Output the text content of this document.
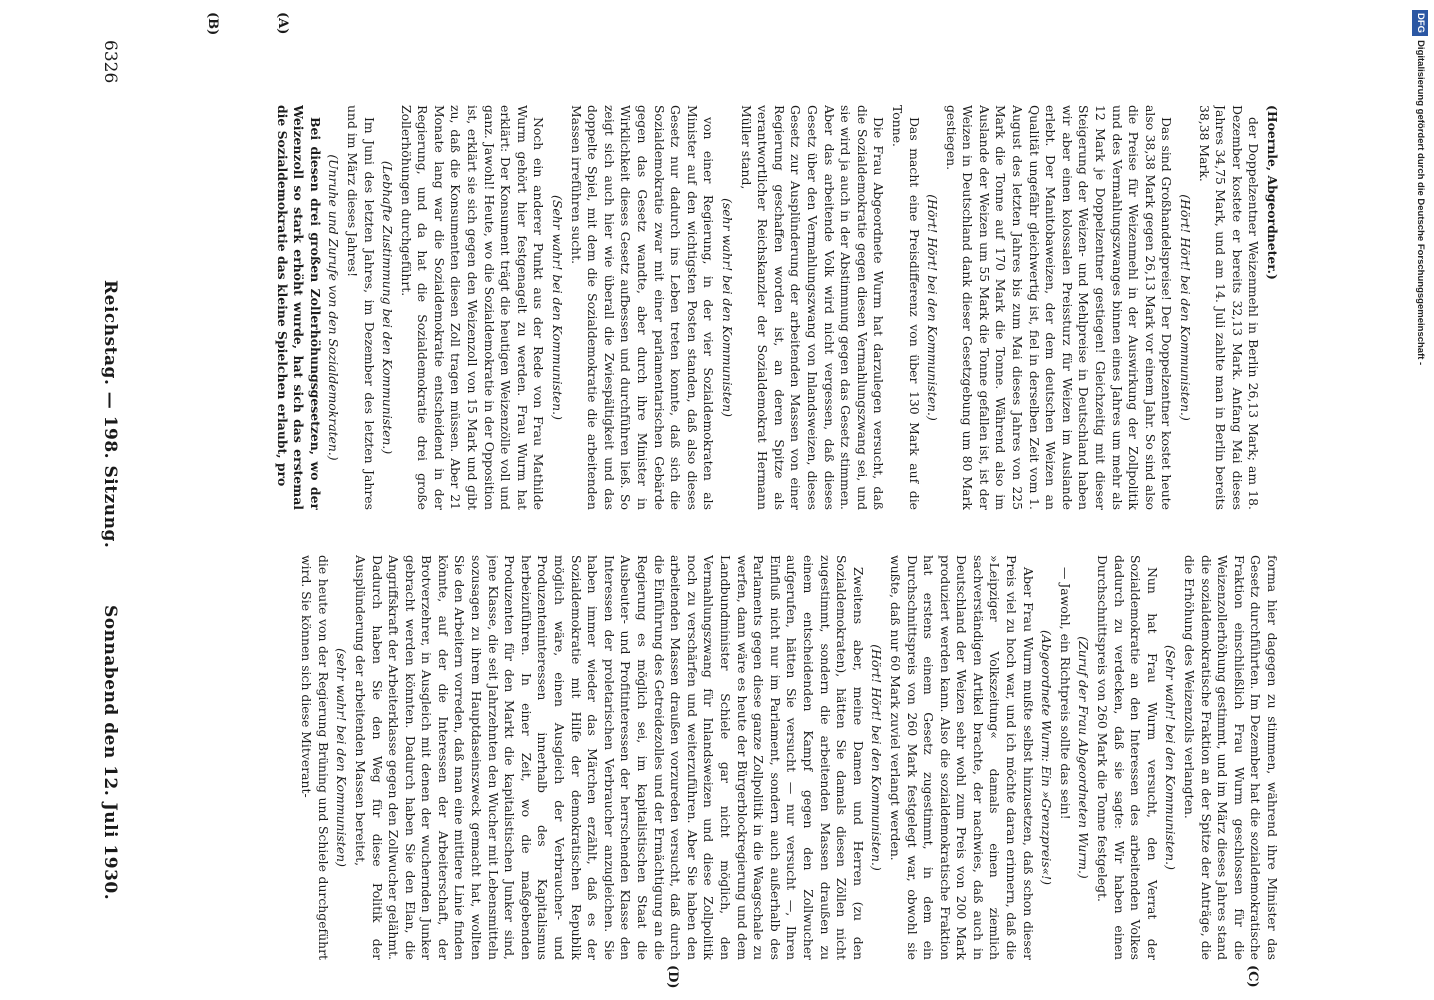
(Hoernle, Abgeordneter.)

der Doppelzentner Weizenmehl in Berlin 26,13 Mark; am 18. Dezember kostete er bereits 32,13 Mark. Anfang Mai dieses Jahres 34,75 Mark, und am 14. Juli zahlte man in Berlin bereits 38,38 Mark.

(Hört! Hört! bei den Kommunisten.)

Das sind Großhandelspreise! Der Doppelzentner kostet heute also 38,38 Mark gegen 26,13 Mark vor einem Jahr. So sind also die Preise für Weizenmehl in der Auswirkung der Zollpolitik und des Vermahlungszwanges binnen eines Jahres um mehr als 12 Mark je Doppelzentner gestiegen! Gleichzeitig mit dieser Steigerung der Weizen- und Mehlpreise in Deutschland haben wir aber einen kolossalen Preissturz für Weizen im Auslande erlebt. Der Manitobaweizen, der dem deutschen Weizen an Qualität ungefähr gleichwertig ist, fiel in derselben Zeit vom 1. August des letzten Jahres bis zum Mai dieses Jahres von 225 Mark die Tonne auf 170 Mark die Tonne. Während also im Auslande der Weizen um 55 Mark die Tonne gefallen ist, ist der Weizen in Deutschland dank dieser Gesetzgebung um 80 Mark gestiegen.

(Hört! Hört! bei den Kommunisten.)

Das macht eine Preisdifferenz von über 130 Mark auf die Tonne.

Die Frau Abgeordnete Wurm hat darzulegen versucht, daß die Sozialdemokratie gegen diesen Vermahlungszwang sei, und sie wird ja auch in der Abstimmung gegen das Gesetz stimmen. Aber das arbeitende Volk wird nicht vergessen, daß dieses Gesetz über den Vermahlungszwang von Inlandsweizen, dieses Gesetz zur Ausplünderung der arbeitenden Massen von einer Regierung geschaffen worden ist, an deren Spitze als verantwortlicher Reichskanzler der Sozialdemokrat Hermann Müller stand,

(sehr wahr! bei den Kommunisten)

von einer Regierung, in der vier Sozialdemokraten als Minister auf den wichtigsten Posten standen, daß also dieses Gesetz nur dadurch ins Leben treten konnte, daß sich die Sozialdemokratie zwar mit einer parlamentarischen Gebärde gegen das Gesetz wandte, aber durch ihre Minister in Wirklichkeit dieses Gesetz aufbessen und durchführen ließ. So zeigt sich auch hier wie überall die Zwiespältigkeit und das doppelte Spiel, mit dem die Sozialdemokratie die arbeitenden Massen irreführen sucht.

(Sehr wahr! bei den Kommunisten.)

Noch ein anderer Punkt aus der Rede von Frau Mathilde Wurm gehört hier festgenagelt zu werden. Frau Wurm hat erklärt: Der Konsument trägt die heutigen Weizenzölle voll und ganz. Jawohl! Heute, wo die Sozialdemokratie in der Opposition ist, erklärt sie sich gegen den Weizenzoll von 15 Mark und gibt zu, daß die Konsumenten diesen Zoll tragen müssen. Aber 21 Monate lang war die Sozialdemokratie entscheidend in der Regierung, und da hat die Sozialdemokratie drei große Zollerhöhungen durchgeführt.

(Lebhafte Zustimmung bei den Kommunisten.)

Im Juni des letzten Jahres, im Dezember des letzten Jahres und im März dieses Jahres!

(Unruhe und Zurufe von den Sozialdemokraten.)

Bei diesen drei großen Zollerhöhungsgesetzen, wo der Weizenzoll so stark erhöht wurde, hat sich das erstemal die Sozialdemokratie das kleine Spielchen erlaubt, pro

forma hier dagegen zu stimmen, während ihre Minister das Gesetz durchführten. Im Dezember hat die sozialdemokratische Fraktion einschließlich Frau Wurm geschlossen für die Weizenzollerhöhung gestimmt, und im März dieses Jahres stand die sozialdemokratische Fraktion an der Spitze der Anträge, die die Erhöhung des Weizenzolls verlangten.

(Sehr wahr! bei den Kommunisten.)

Nun hat Frau Wurm versucht, den Verrat der Sozialdemokratie an den Interessen des arbeitenden Volkes dadurch zu verdecken, daß sie sagte: Wir haben einen Durchschnittspreis von 260 Mark die Tonne festgelegt.

(Zuruf der Frau Abgeordneten Wurm.)

— Jawohl, ein Richtpreis sollte das sein!

(Abgeordnete Wurm: Ein »Grenzpreis«!)

Aber Frau Wurm mußte selbst hinzusetzen, daß schon dieser Preis viel zu hoch war, und ich möchte daran erinnern, daß die »Leipziger Volkszeitung« damals einen ziemlich sachverständigen Artikel brachte, der nachwies, daß auch in Deutschland der Weizen sehr wohl zum Preis von 200 Mark produziert werden kann. Also die sozialdemokratische Fraktion hat erstens einem Gesetz zugestimmt, in dem ein Durchschnittspreis von 260 Mark festgelegt war, obwohl sie wußte, daß nur 60 Mark zuviel verlangt werden.

(Hört! Hört! bei den Kommunisten.)

Zweitens aber, meine Damen und Herren (zu den Sozialdemokraten), hätten Sie damals diesen Zöllen nicht zugestimmt, sondern die arbeitenden Massen draußen zu einem entscheidenden Kampf gegen den Zollwucher aufgerufen, hätten Sie versucht — nur versucht —, Ihren Einfluß nicht nur im Parlament, sondern auch außerhalb des Parlaments gegen diese ganze Zollpolitik in die Waagschale zu werfen, dann wäre es heute der Bürgerblockregierung und dem Landbundminister Schiele gar nicht möglich, den Vermahlungszwang für Inlandsweizen und diese Zollpolitik noch zu verschärfen und weiterzuführen. Aber Sie haben den arbeitenden Massen draußen vorzureden versucht, daß durch die Einführung des Getreidezolles und der Ermächtigung an die Regierung es möglich sei, im kapitalistischen Staat die Ausbeuter- und Profitinteressen der herrschenden Klasse den Interessen der proletarischen Verbraucher anzugleichen. Sie haben immer wieder das Märchen erzählt, daß es der Sozialdemokratie mit Hilfe der demokratischen Republik möglich wäre, einen Ausgleich der Verbraucher- und Produzenteninteressen innerhalb des Kapitalismus herbeizuführen. In einer Zeit, wo die maßgebenden Produzenten für den Markt die kapitalistischen Junker sind, jene Klasse, die seit Jahrzehnten den Wucher mit Lebensmitteln sozusagen zu ihrem Hauptdaseinszweck gemacht hat, wollten Sie den Arbeitern vorreden, daß man eine mittlere Linie finden könnte, auf der die Interessen der Arbeiterschaft, der Brotverzehrer, in Ausgleich mit denen der wuchernden Junker gebracht werden könnten. Dadurch haben Sie den Elan, die Angriffskraft der Arbeiterklasse gegen den Zollwucher gelähmt. Dadurch haben Sie den Weg für diese Politik der Ausplünderung der arbeitenden Massen bereitet,

(sehr wahr! bei den Kommunisten)

die heute von der Regierung Brüning und Schiele durchgeführt wird. Sie können sich diese Mitverant-

6326
Reichstag. — 198. Sitzung.
Sonnabend den 12. Juli 1930.
(A)
(B)
(C)
(D)
DFGDigitalisierung gefördert durch die Deutsche Forschungsgemeinschaft -
